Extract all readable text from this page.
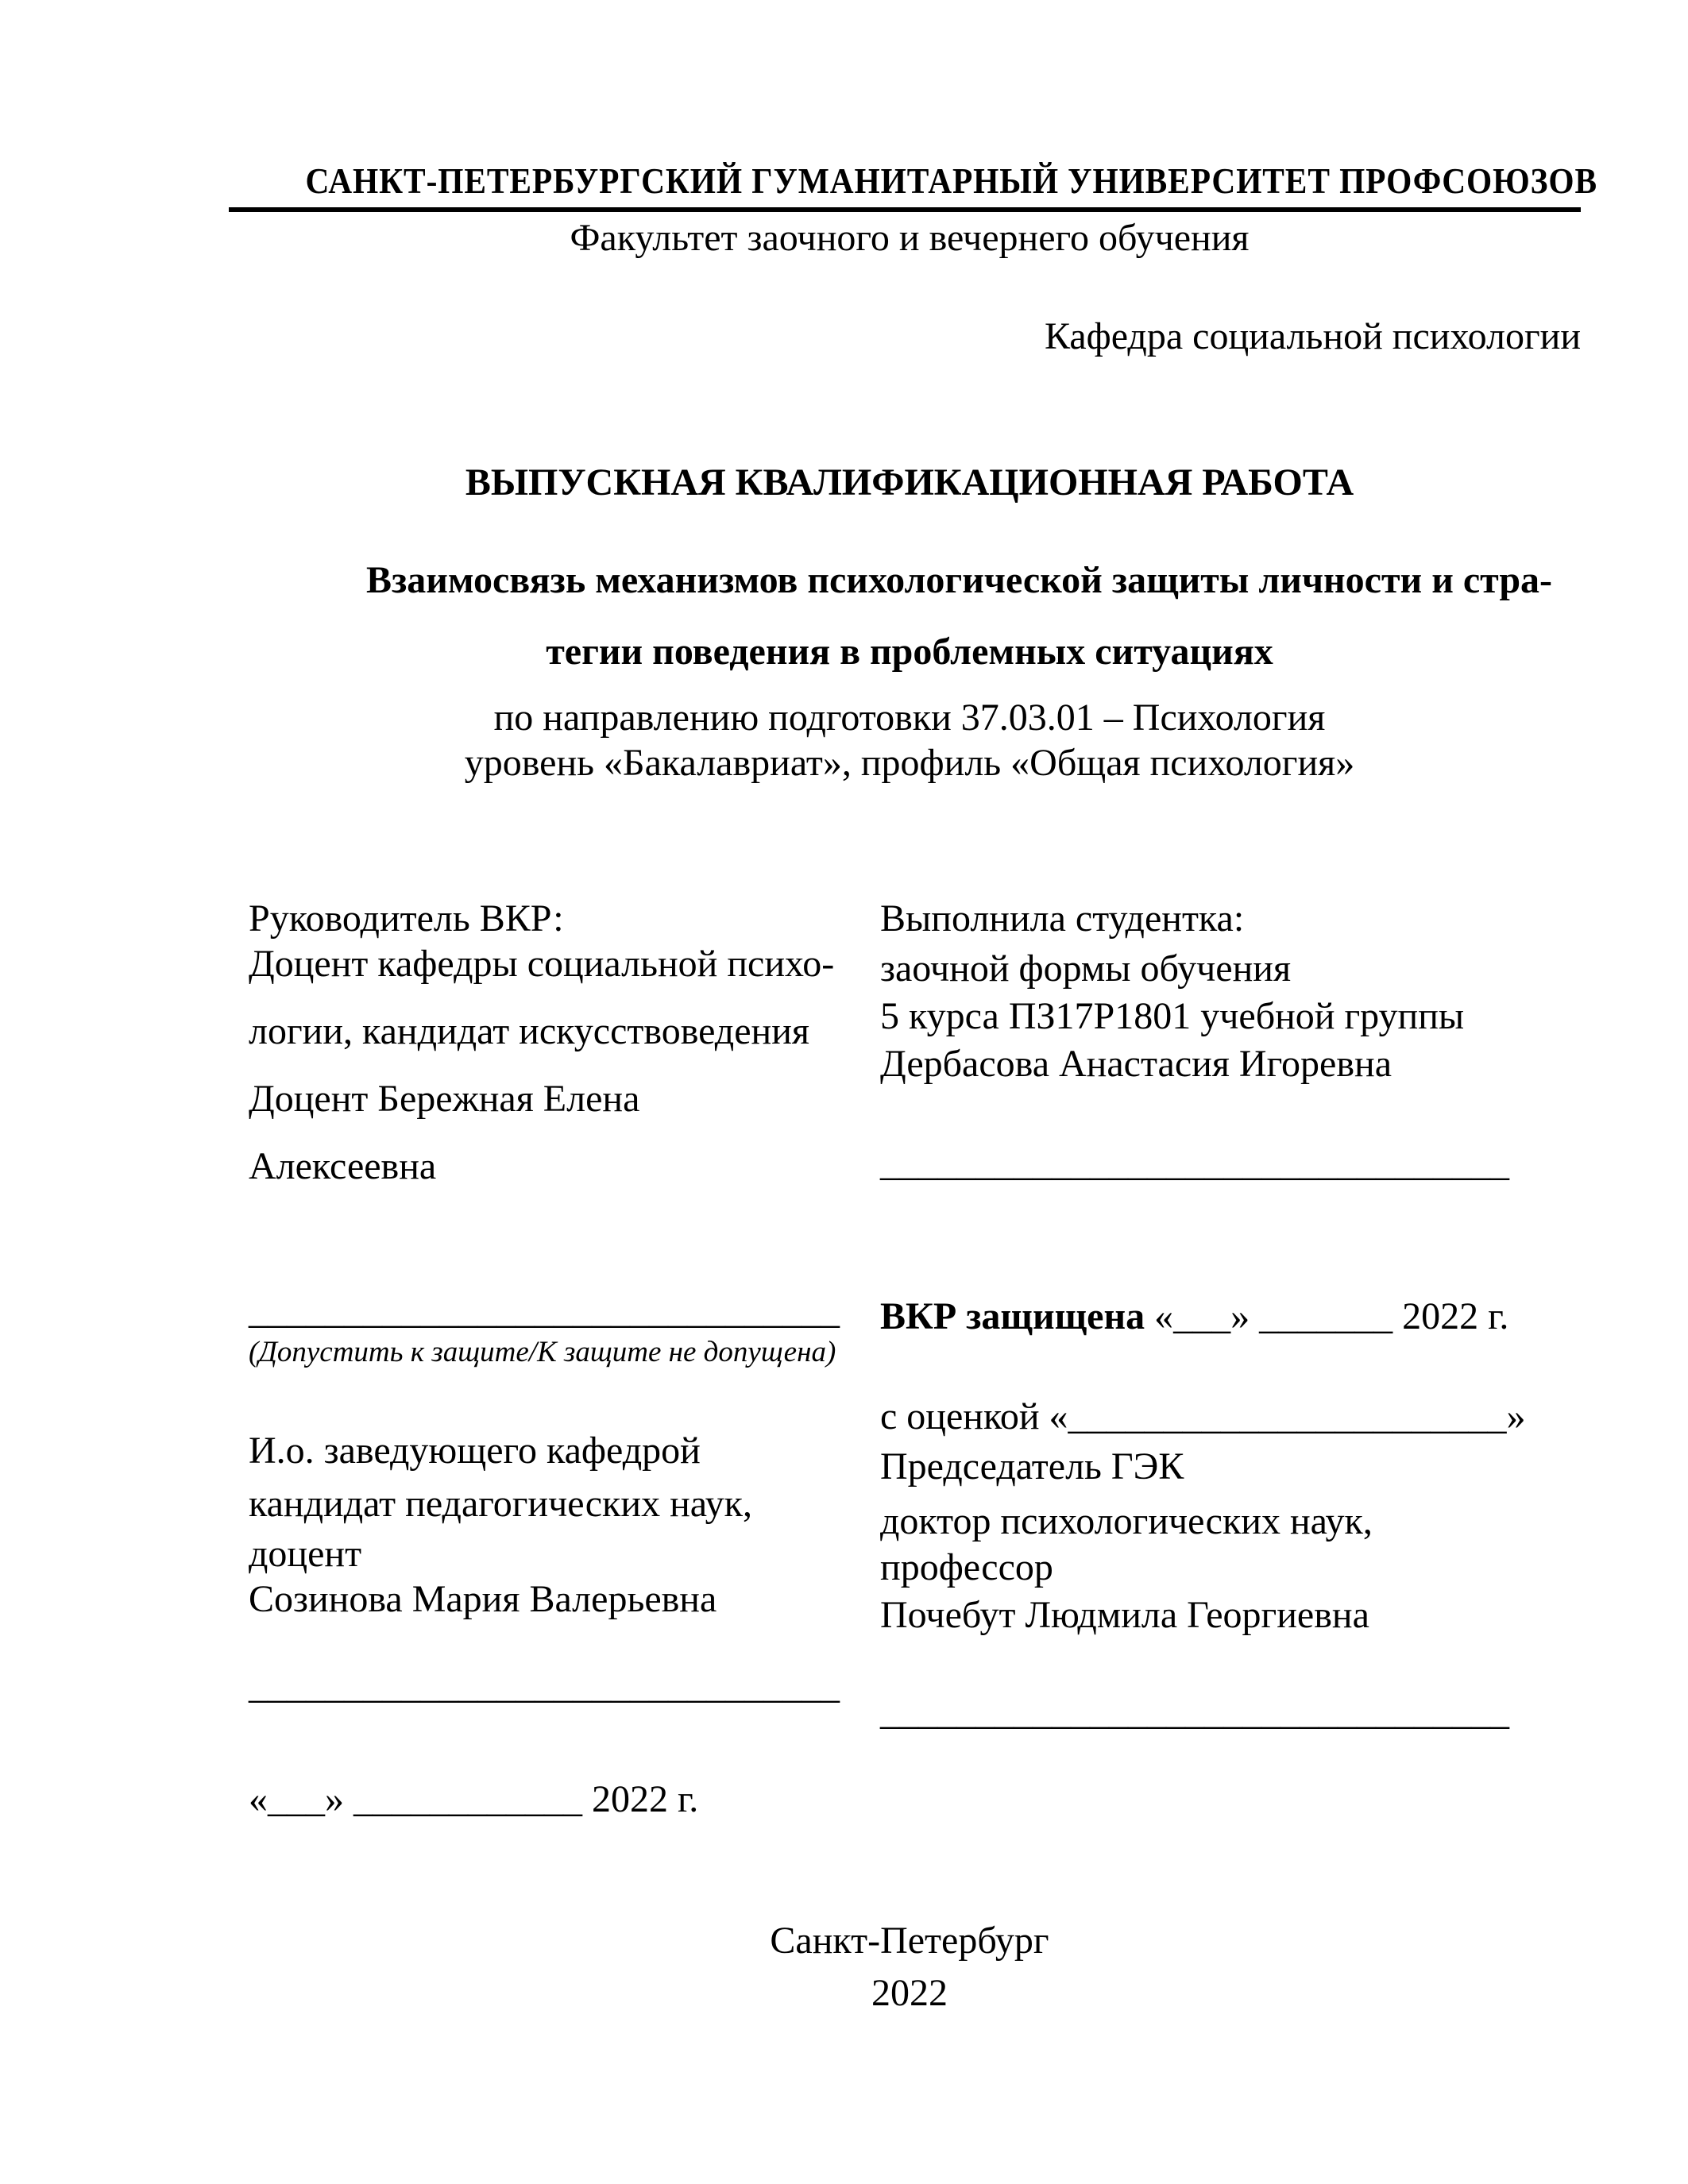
САНКТ-ПЕТЕРБУРГСКИЙ ГУМАНИТАРНЫЙ УНИВЕРСИТЕТ ПРОФСОЮЗОВ
Факультет заочного и вечернего обучения
Кафедра социальной психологии
ВЫПУСКНАЯ КВАЛИФИКАЦИОННАЯ РАБОТА
Взаимосвязь механизмов психологической защиты личности и стра-
тегии поведения в проблемных ситуациях
по направлению подготовки 37.03.01 – Психология
уровень «Бакалавриат», профиль «Общая психология»
Руководитель ВКР:
Доцент кафедры социальной психо-
логии, кандидат искусствоведения
Доцент Бережная Елена
Алексеевна
_______________________________
(Допустить к защите/К защите не допущена)
Выполнила студентка:
заочной формы обучения
5 курса ПЗ17Р1801 учебной группы
Дербасова Анастасия Игоревна
_________________________________
ВКР защищена «___» _______ 2022 г.
с оценкой «_______________________»
Председатель ГЭК
доктор психологических наук,
профессор
Почебут Людмила Георгиевна
_________________________________
И.о. заведующего кафедрой
кандидат педагогических наук,
доцент
Созинова Мария Валерьевна
_______________________________
«___» ____________ 2022 г.
Санкт-Петербург
2022
